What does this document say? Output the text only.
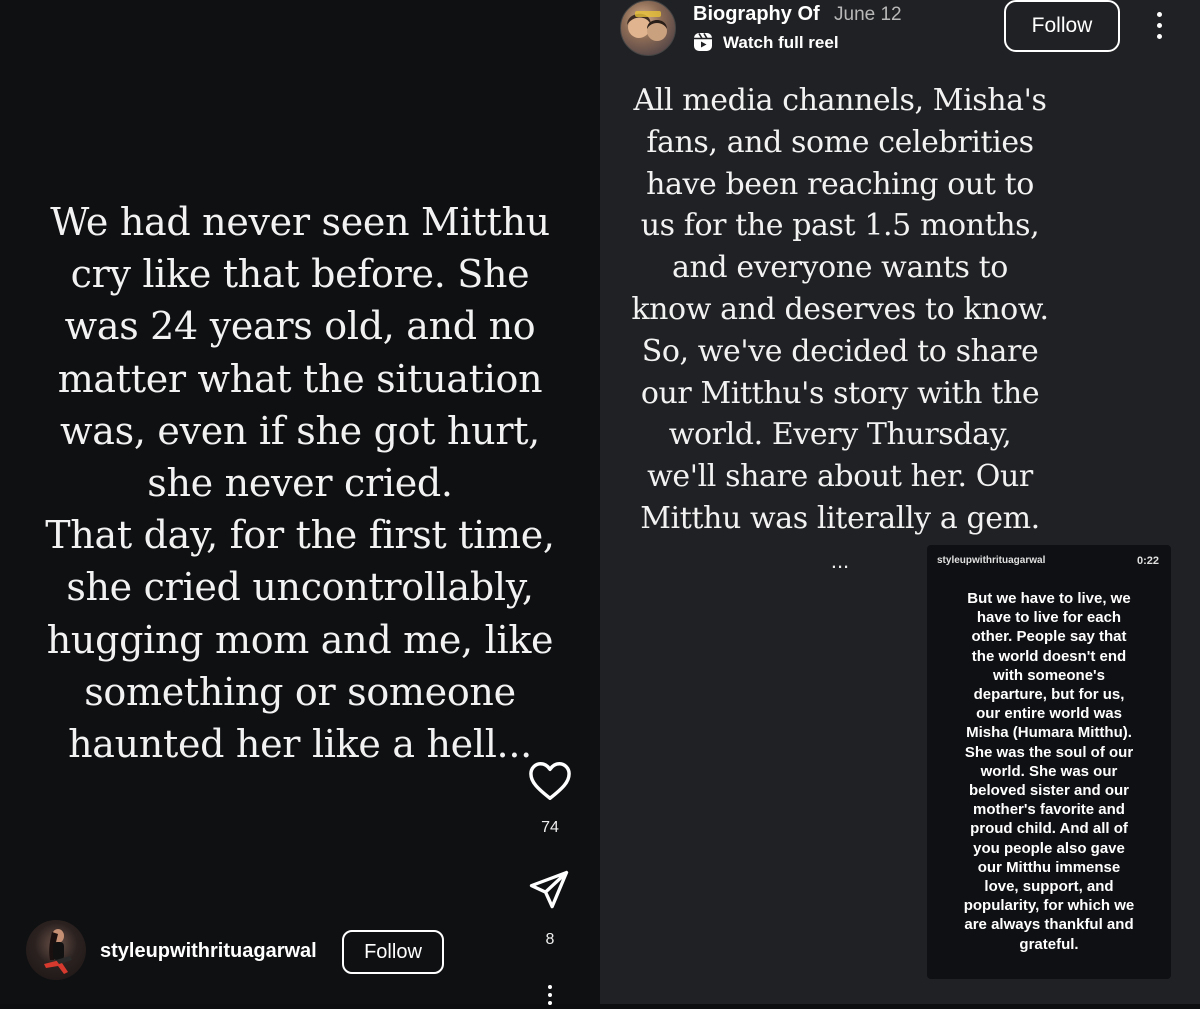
We had never seen Mitthu
cry like that before. She
was 24 years old, and no
matter what the situation
was, even if she got hurt,
she never cried.
That day, for the first time,
she cried uncontrollably,
hugging mom and me, like
something or someone
haunted her like a hell...
74
8
styleupwithrituagarwal	Follow
Biography Of June 12
Watch full reel
Follow
All media channels, Misha's
fans, and some celebrities
have been reaching out to
us for the past 1.5 months,
and everyone wants to
know and deserves to know.
So, we've decided to share
our Mitthu's story with the
world. Every Thursday,
we'll share about her. Our
Mitthu was literally a gem.
...	styleupwithrituagarwal	0:22
But we have to live, we
have to live for each
other. People say that
the world doesn't end
with someone's
departure, but for us,
our entire world was
Misha (Humara Mitthu).
She was the soul of our
world. She was our
beloved sister and our
mother's favorite and
proud child. And all of
you people also gave
our Mitthu immense
love, support, and
popularity, for which we
are always thankful and
grateful.
